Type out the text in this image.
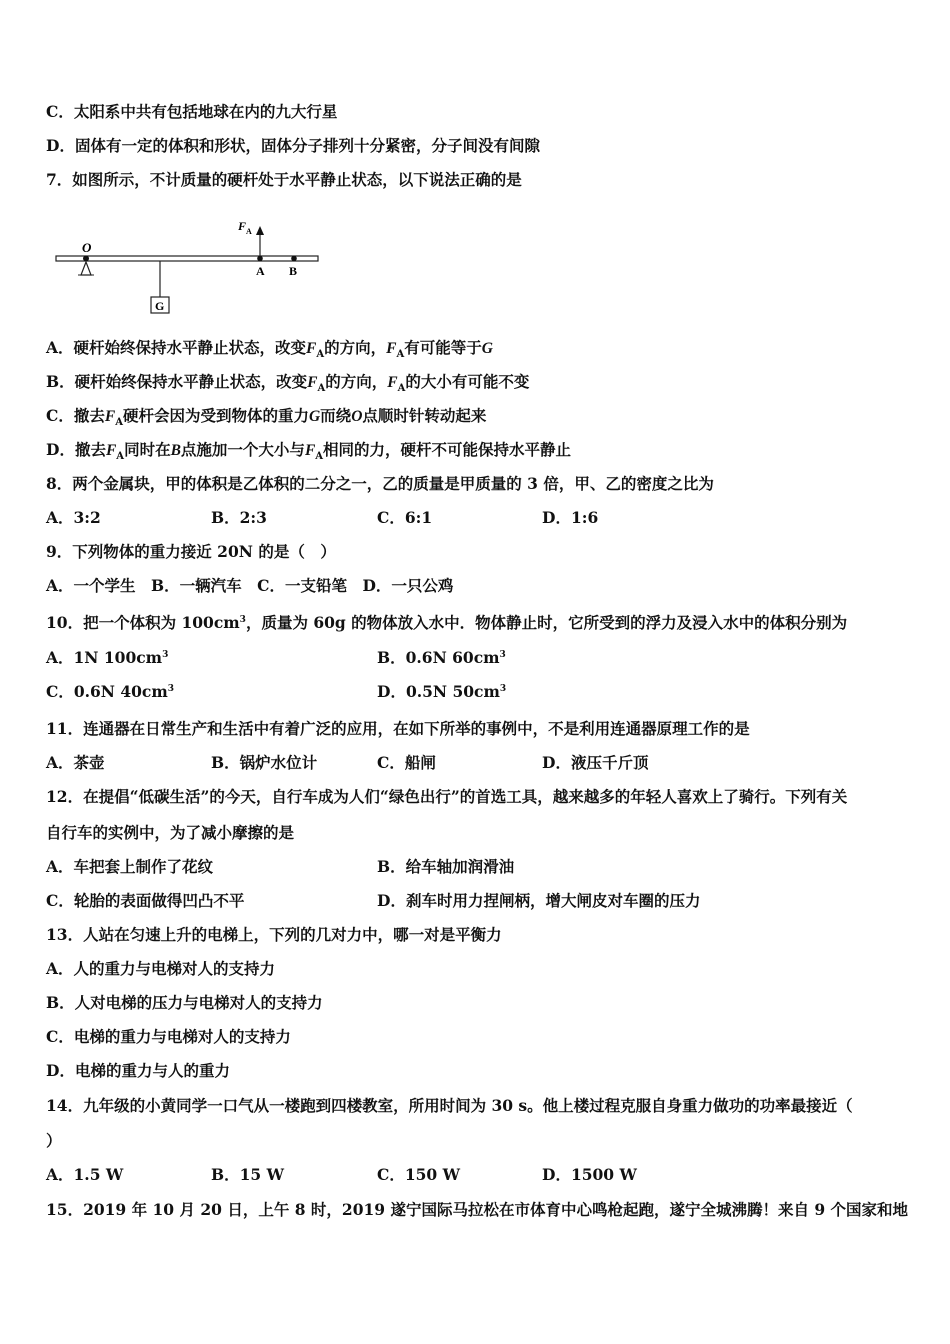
C．太阳系中共有包括地球在内的九大行星
D．固体有一定的体积和形状，固体分子排列十分紧密，分子间没有间隙
7．如图所示，不计质量的硬杆处于水平静止状态，以下说法正确的是
O
G
F A
A B
A．硬杆始终保持水平静止状态，改变$F_A$的方向，$F_A$有可能等于G
B．硬杆始终保持水平静止状态，改变$F_A$的方向，$F_A$的大小有可能不变
C．撤去$F_A$硬杆会因为受到物体的重力G而绕O点顺时针转动起来
D．撤去$F_A$同时在B点施加一个大小与$F_A$相同的力，硬杆不可能保持水平静止
8．两个金属块，甲的体积是乙体积的二分之一，乙的质量是甲质量的 3 倍，甲、乙的密度之比为
A．3:2	B．2:3	C．6:1	D．1:6
9．下列物体的重力接近 20N 的是（　）
A．一个学生　B．一辆汽车　C．一支铅笔　D．一只公鸡
10．把一个体积为 $100cm^3$，质量为 60g 的物体放入水中．物体静止时，它所受到的浮力及浸入水中的体积分别为
A．1N $100cm^3$	B．0.6N $60cm^3$
C．0.6N $40cm^3$	D．0.5N $50cm^3$
11．连通器在日常生产和生活中有着广泛的应用，在如下所举的事例中，不是利用连通器原理工作的是
A．茶壶	B．锅炉水位计	C．船闸	D．液压千斤顶
12．在提倡“低碳生活”的今天，自行车成为人们“绿色出行”的首选工具，越来越多的年轻人喜欢上了骑行。下列有关
自行车的实例中，为了减小摩擦的是
A．车把套上制作了花纹	B．给车轴加润滑油
C．轮胎的表面做得凹凸不平	D．刹车时用力捏闸柄，增大闸皮对车圈的压力
13．人站在匀速上升的电梯上，下列的几对力中，哪一对是平衡力
A．人的重力与电梯对人的支持力
B．人对电梯的压力与电梯对人的支持力
C．电梯的重力与电梯对人的支持力
D．电梯的重力与人的重力
14．九年级的小黄同学一口气从一楼跑到四楼教室，所用时间为 30 s。他上楼过程克服自身重力做功的功率最接近（
）
A．1.5 W	B．15 W	C．150 W	D．1500 W
15．2019 年 10 月 20 日，上午 8 时，2019 遂宁国际马拉松在市体育中心鸣枪起跑，遂宁全城沸腾！来自 9 个国家和地
